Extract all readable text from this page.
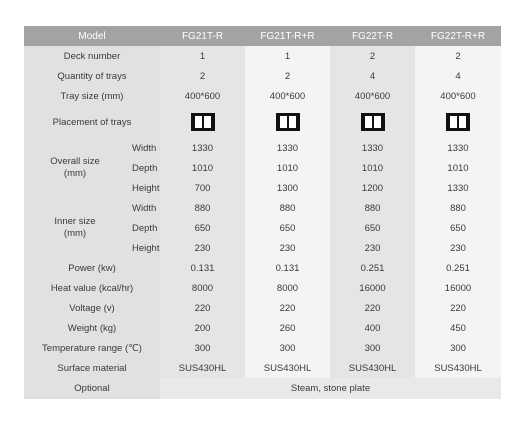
Model		FG21T-R	FG21T-R+R	FG22T-R	FG22T-R+R
Deck number		1	1	2	2
Quantity of trays		2	2	4	4
Tray size (mm)		400*600	400*600	400*600	400*600
Placement of trays		

Overall size
(mm)	Width	1330	1330	1330	1330
	Depth	1010	1010	1010	1010
	Height	700	1300	1200	1330
Inner size
(mm)	Width	880	880	880	880
	Depth	650	650	650	650
	Height	230	230	230	230
Power (kw)		0.131	0.131	0.251	0.251
Heat value (kcal/hr)		8000	8000	16000	16000
Voltage (v)		220	220	220	220
Weight (kg)		200	260	400	450
Temperature range (℃)		300	300	300	300
Surface material		SUS430HL	SUS430HL	SUS430HL	SUS430HL
Optional		Steam, stone plate			
